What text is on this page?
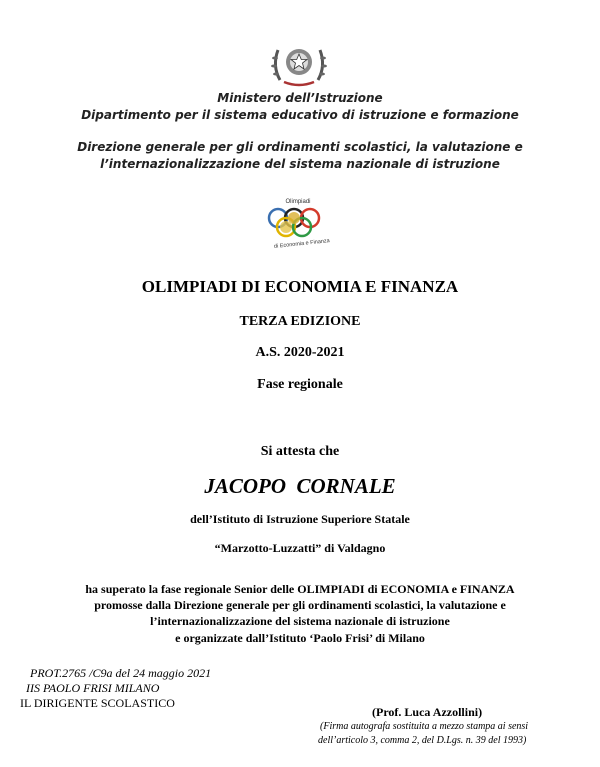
Ministero dell’Istruzione
Dipartimento per il sistema educativo di istruzione e formazione
Direzione generale per gli ordinamenti scolastici, la valutazione e
l’internazionalizzazione del sistema nazionale di istruzione
Olimpiadi
di Economia e Finanza
OLIMPIADI DI ECONOMIA E FINANZA
TERZA EDIZIONE
A.S. 2020-2021
Fase regionale
Si attesta che
JACOPO  CORNALE
dell’Istituto di Istruzione Superiore Statale
“Marzotto-Luzzatti” di Valdagno
ha superato la fase regionale Senior delle OLIMPIADI di ECONOMIA e FINANZA
promosse dalla Direzione generale per gli ordinamenti scolastici, la valutazione e
l’internazionalizzazione del sistema nazionale di istruzione
e organizzate dall’Istituto ‘Paolo Frisi’ di Milano
PROT.2765 /C9a del 24 maggio 2021
IIS PAOLO FRISI MILANO
IL DIRIGENTE SCOLASTICO
(Prof. Luca Azzollini)
(Firma autografa sostituita a mezzo stampa ai sensi
dell’articolo 3, comma 2, del D.Lgs. n. 39 del 1993)
